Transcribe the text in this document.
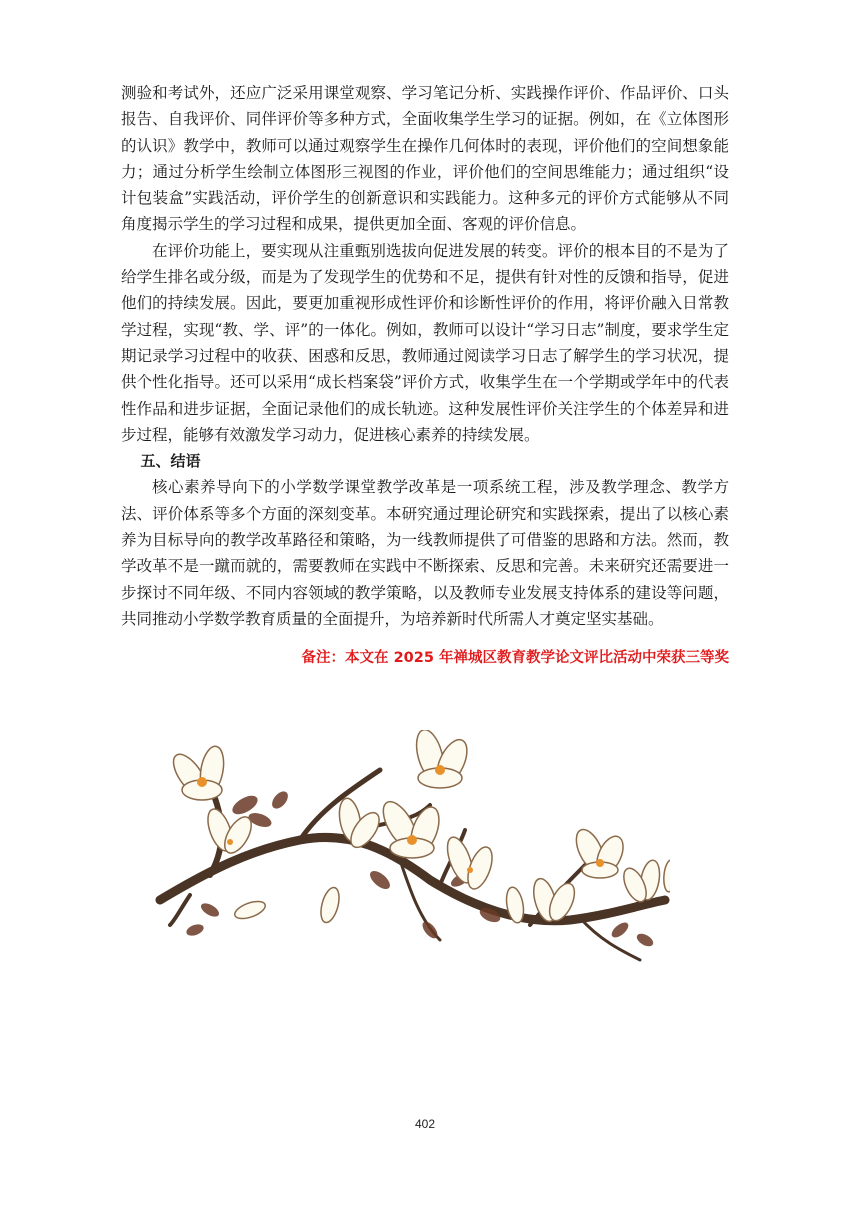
测验和考试外，还应广泛采用课堂观察、学习笔记分析、实践操作评价、作品评价、口头报告、自我评价、同伴评价等多种方式，全面收集学生学习的证据。例如，在《立体图形的认识》教学中，教师可以通过观察学生在操作几何体时的表现，评价他们的空间想象能力；通过分析学生绘制立体图形三视图的作业，评价他们的空间思维能力；通过组织“设计包装盒”实践活动，评价学生的创新意识和实践能力。这种多元的评价方式能够从不同角度揭示学生的学习过程和成果，提供更加全面、客观的评价信息。

在评价功能上，要实现从注重甄别选拔向促进发展的转变。评价的根本目的不是为了给学生排名或分级，而是为了发现学生的优势和不足，提供有针对性的反馈和指导，促进他们的持续发展。因此，要更加重视形成性评价和诊断性评价的作用，将评价融入日常教学过程，实现“教、学、评”的一体化。例如，教师可以设计“学习日志”制度，要求学生定期记录学习过程中的收获、困惑和反思，教师通过阅读学习日志了解学生的学习状况，提供个性化指导。还可以采用“成长档案袋”评价方式，收集学生在一个学期或学年中的代表性作品和进步证据，全面记录他们的成长轨迹。这种发展性评价关注学生的个体差异和进步过程，能够有效激发学习动力，促进核心素养的持续发展。

五、结语

核心素养导向下的小学数学课堂教学改革是一项系统工程，涉及教学理念、教学方法、评价体系等多个方面的深刻变革。本研究通过理论研究和实践探索，提出了以核心素养为目标导向的教学改革路径和策略，为一线教师提供了可借鉴的思路和方法。然而，教学改革不是一蹴而就的，需要教师在实践中不断探索、反思和完善。未来研究还需要进一步探讨不同年级、不同内容领域的教学策略，以及教师专业发展支持体系的建设等问题，共同推动小学数学教育质量的全面提升，为培养新时代所需人才奠定坚实基础。

备注：本文在 2025 年禅城区教育教学论文评比活动中荣获三等奖
402
